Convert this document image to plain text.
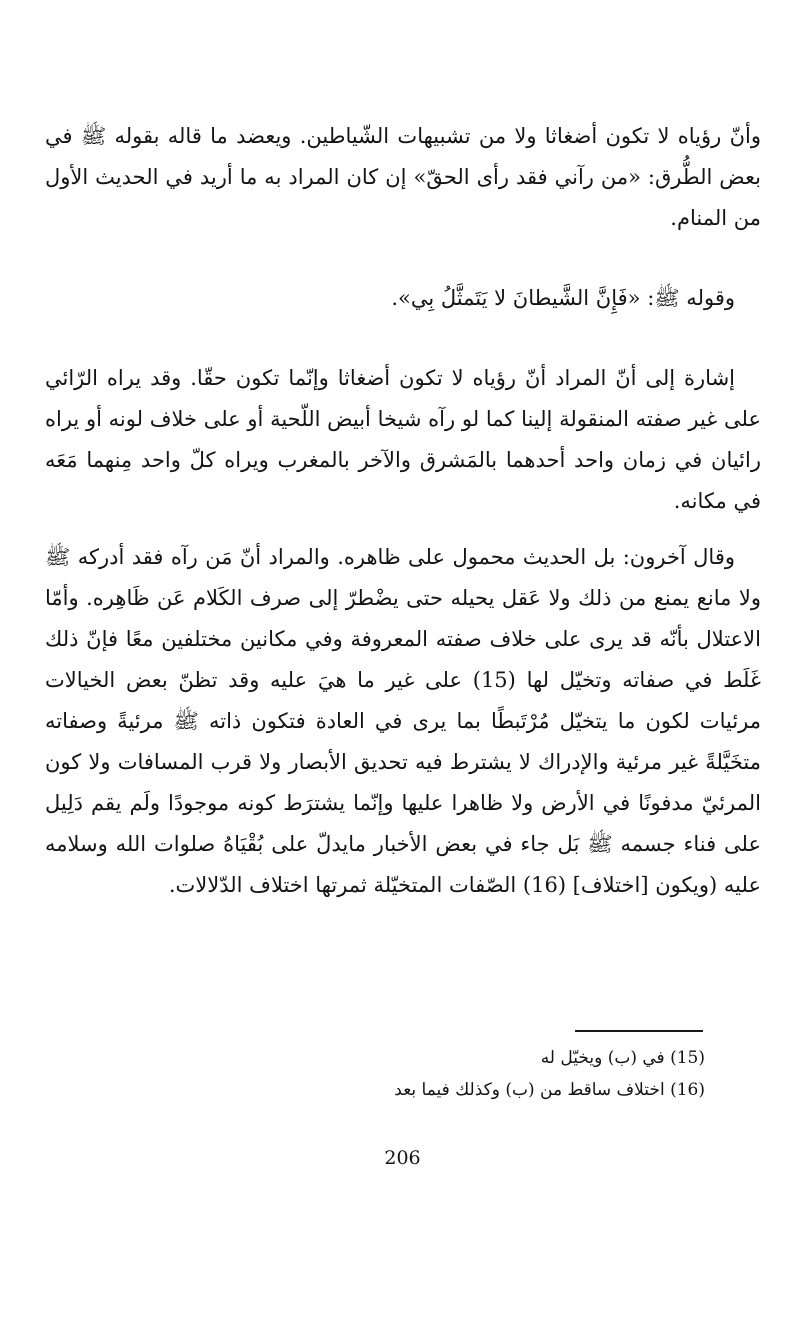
وأنّ رؤياه لا تكون أضغاثا ولا من تشبيهات الشّياطين. ويعضد ما قاله بقوله ﷺ في بعض الطُّرق: «من رآني فقد رأى الحقّ» إن كان المراد به ما أريد في الحديث الأول من المنام.

وقوله ﷺ: «فَإِنَّ الشَّيطانَ لا يَتَمثَّلُ بِي».

إشارة إلى أنّ المراد أنّ رؤياه لا تكون أضغاثا وإنّما تكون حقّا. وقد يراه الرّائي على غير صفته المنقولة إلينا كما لو رآه شيخا أبيض اللّحية أو على خلاف لونه أو يراه رائيان في زمان واحد أحدهما بالمَشرق والآخر بالمغرب ويراه كلّ واحد مِنهما مَعَه في مكانه.

وقال آخرون: بل الحديث محمول على ظاهره. والمراد أنّ مَن رآه فقد أدركه ﷺ ولا مانع يمنع من ذلك ولا عَقل يحيله حتى يضْطرّ إلى صرف الكَلام عَن ظَاهِره. وأمّا الاعتلال بأنّه قد يرى على خلاف صفته المعروفة وفي مكانين مختلفين معًا فإنّ ذلك غَلَط في صفاته وتخيّل لها (15) على غير ما هيَ عليه وقد تظنّ بعض الخيالات مرئيات لكون ما يتخيّل مُرْتَبطًا بما يرى في العادة فتكون ذاته ﷺ مرئيةً وصفاته متخَيَّلةً غير مرئية والإدراك لا يشترط فيه تحديق الأبصار ولا قرب المسافات ولا كون المرئيّ مدفونًا في الأرض ولا ظاهرا عليها وإنّما يشترَط كونه موجودًا ولَم يقم دَلِيل على فناء جسمه ﷺ بَل جاء في بعض الأخبار مايدلّ على بُقْيَاهُ صلوات الله وسلامه عليه (ويكون [اختلاف] (16) الصّفات المتخيّلة ثمرتها اختلاف الدّلالات.

(15) في (ب) ويخيّل له

(16) اختلاف ساقط من (ب) وكذلك فيما بعد

206
